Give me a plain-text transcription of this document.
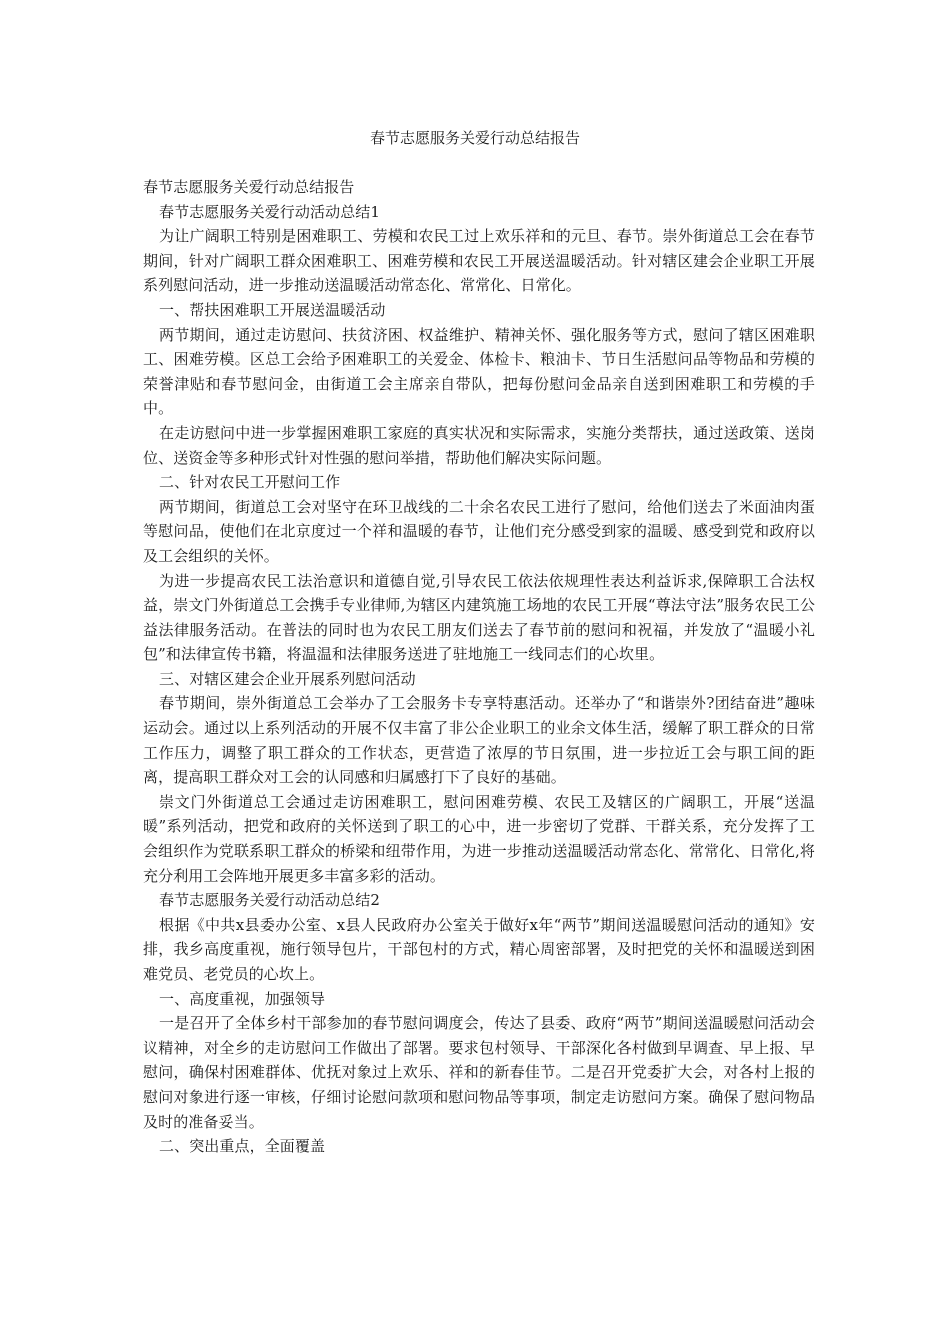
春节志愿服务关爱行动总结报告

春节志愿服务关爱行动总结报告

春节志愿服务关爱行动活动总结1

为让广阔职工特别是困难职工、劳模和农民工过上欢乐祥和的元旦、春节。崇外街道总工会在春节期间，针对广阔职工群众困难职工、困难劳模和农民工开展送温暖活动。针对辖区建会企业职工开展系列慰问活动，进一步推动送温暖活动常态化、常常化、日常化。

一、帮扶困难职工开展送温暖活动

两节期间，通过走访慰问、扶贫济困、权益维护、精神关怀、强化服务等方式，慰问了辖区困难职工、困难劳模。区总工会给予困难职工的关爱金、体检卡、粮油卡、节日生活慰问品等物品和劳模的荣誉津贴和春节慰问金，由街道工会主席亲自带队，把每份慰问金品亲自送到困难职工和劳模的手中。

在走访慰问中进一步掌握困难职工家庭的真实状况和实际需求，实施分类帮扶，通过送政策、送岗位、送资金等多种形式针对性强的慰问举措，帮助他们解决实际问题。

二、针对农民工开慰问工作

两节期间，街道总工会对坚守在环卫战线的二十余名农民工进行了慰问，给他们送去了米面油肉蛋等慰问品，使他们在北京度过一个祥和温暖的春节，让他们充分感受到家的温暖、感受到党和政府以及工会组织的关怀。

为进一步提高农民工法治意识和道德自觉,引导农民工依法依规理性表达利益诉求,保障职工合法权益，崇文门外街道总工会携手专业律师,为辖区内建筑施工场地的农民工开展“尊法守法”服务农民工公益法律服务活动。在普法的同时也为农民工朋友们送去了春节前的慰问和祝福，并发放了“温暖小礼包”和法律宣传书籍，将温温和法律服务送进了驻地施工一线同志们的心坎里。

三、对辖区建会企业开展系列慰问活动

春节期间，崇外街道总工会举办了工会服务卡专享特惠活动。还举办了“和谐崇外?团结奋进”趣味运动会。通过以上系列活动的开展不仅丰富了非公企业职工的业余文体生活，缓解了职工群众的日常工作压力，调整了职工群众的工作状态，更营造了浓厚的节日氛围，进一步拉近工会与职工间的距离，提高职工群众对工会的认同感和归属感打下了良好的基础。

崇文门外街道总工会通过走访困难职工，慰问困难劳模、农民工及辖区的广阔职工，开展“送温暖”系列活动，把党和政府的关怀送到了职工的心中，进一步密切了党群、干群关系，充分发挥了工会组织作为党联系职工群众的桥梁和纽带作用，为进一步推动送温暖活动常态化、常常化、日常化,将充分利用工会阵地开展更多丰富多彩的活动。

春节志愿服务关爱行动活动总结2

根据《中共x县委办公室、x县人民政府办公室关于做好x年“两节”期间送温暖慰问活动的通知》安排，我乡高度重视，施行领导包片，干部包村的方式，精心周密部署，及时把党的关怀和温暖送到困难党员、老党员的心坎上。

一、高度重视，加强领导

一是召开了全体乡村干部参加的春节慰问调度会，传达了县委、政府“两节”期间送温暖慰问活动会议精神，对全乡的走访慰问工作做出了部署。要求包村领导、干部深化各村做到早调查、早上报、早慰问，确保村困难群体、优抚对象过上欢乐、祥和的新春佳节。二是召开党委扩大会，对各村上报的慰问对象进行逐一审核，仔细讨论慰问款项和慰问物品等事项，制定走访慰问方案。确保了慰问物品及时的准备妥当。

二、突出重点，全面覆盖
